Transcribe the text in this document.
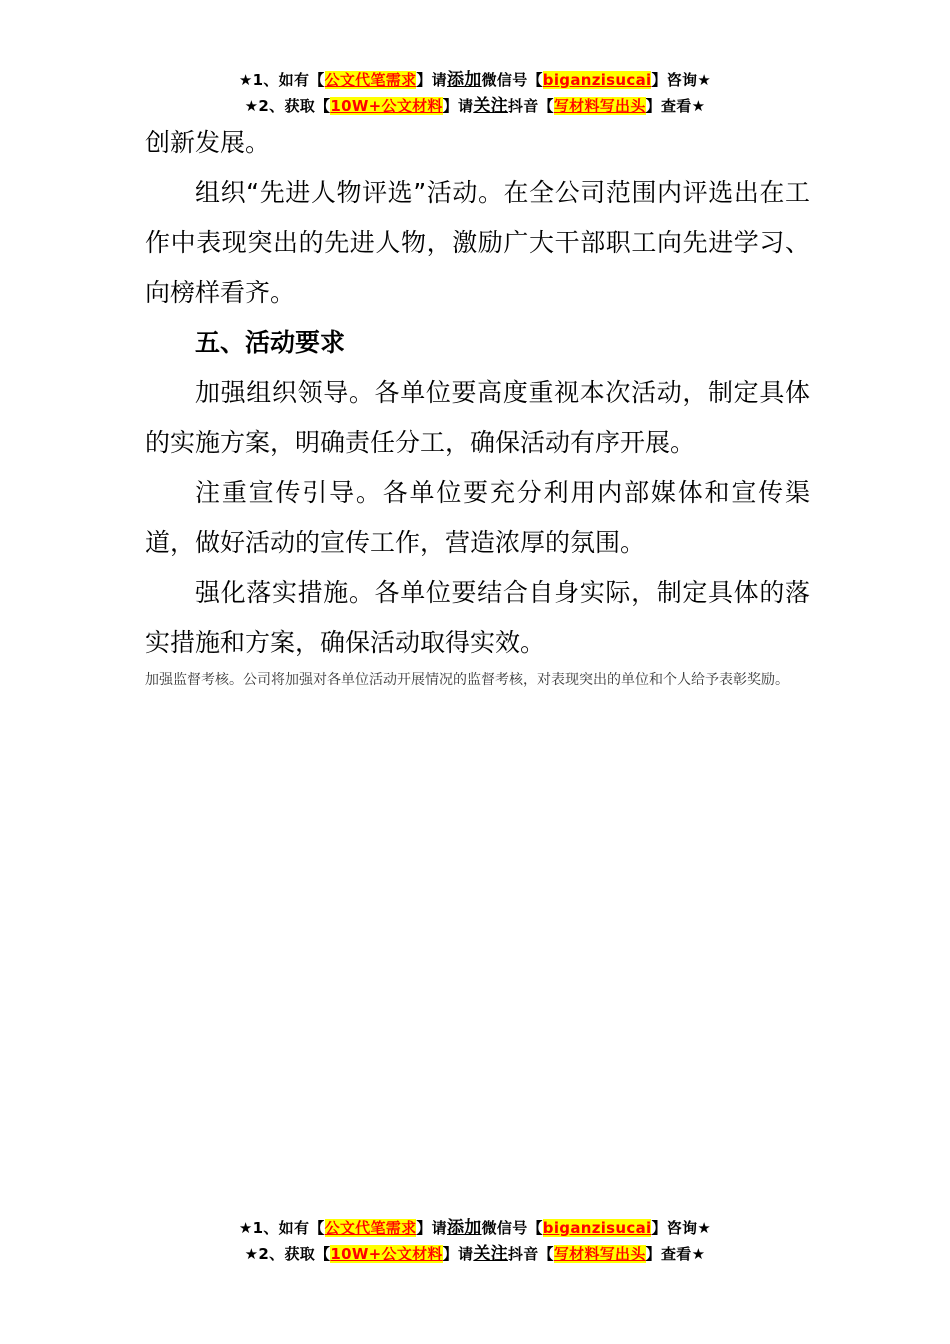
★1、如有【公文代笔需求】请添加微信号【biganzisucai】咨询★
★2、获取【10W+公文材料】请关注抖音【写材料写出头】查看★

创新发展。

组织“先进人物评选”活动。在全公司范围内评选出在工作中表现突出的先进人物，激励广大干部职工向先进学习、向榜样看齐。

五、活动要求

加强组织领导。各单位要高度重视本次活动，制定具体的实施方案，明确责任分工，确保活动有序开展。

注重宣传引导。各单位要充分利用内部媒体和宣传渠道，做好活动的宣传工作，营造浓厚的氛围。

强化落实措施。各单位要结合自身实际，制定具体的落实措施和方案，确保活动取得实效。

加强监督考核。公司将加强对各单位活动开展情况的监督考核，对表现突出的单位和个人给予表彰奖励。

★1、如有【公文代笔需求】请添加微信号【biganzisucai】咨询★
★2、获取【10W+公文材料】请关注抖音【写材料写出头】查看★
